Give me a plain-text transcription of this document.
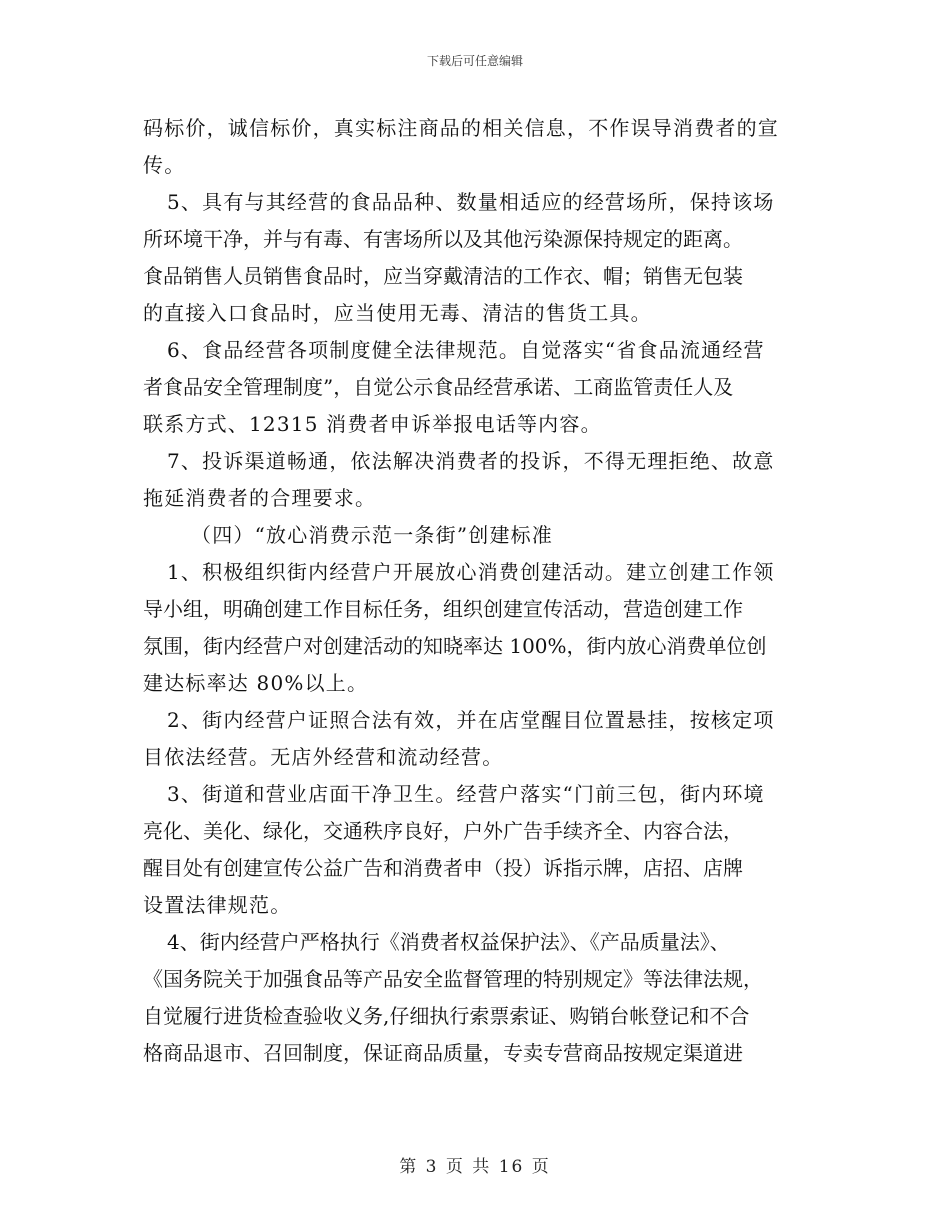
下载后可任意编辑
码标价，诚信标价，真实标注商品的相关信息，不作误导消费者的宣
传。
5、具有与其经营的食品品种、数量相适应的经营场所，保持该场
所环境干净，并与有毒、有害场所以及其他污染源保持规定的距离。
食品销售人员销售食品时，应当穿戴清洁的工作衣、帽；销售无包装
的直接入口食品时，应当使用无毒、清洁的售货工具。
6、食品经营各项制度健全法律规范。自觉落实“省食品流通经营
者食品安全管理制度”，自觉公示食品经营承诺、工商监管责任人及
联系方式、12315 消费者申诉举报电话等内容。
7、投诉渠道畅通，依法解决消费者的投诉，不得无理拒绝、故意
拖延消费者的合理要求。
（四）“放心消费示范一条街”创建标准
1、积极组织街内经营户开展放心消费创建活动。建立创建工作领
导小组，明确创建工作目标任务，组织创建宣传活动，营造创建工作
氛围，街内经营户对创建活动的知晓率达 100%，街内放心消费单位创
建达标率达 80%以上。
2、街内经营户证照合法有效，并在店堂醒目位置悬挂，按核定项
目依法经营。无店外经营和流动经营。
3、街道和营业店面干净卫生。经营户落实“门前三包，街内环境
亮化、美化、绿化，交通秩序良好，户外广告手续齐全、内容合法，
醒目处有创建宣传公益广告和消费者申（投）诉指示牌，店招、店牌
设置法律规范。
4、街内经营户严格执行《消费者权益保护法》、《产品质量法》、
《国务院关于加强食品等产品安全监督管理的特别规定》等法律法规，
自觉履行进货检查验收义务,仔细执行索票索证、购销台帐登记和不合
格商品退市、召回制度，保证商品质量，专卖专营商品按规定渠道进
第 3 页 共 16 页
